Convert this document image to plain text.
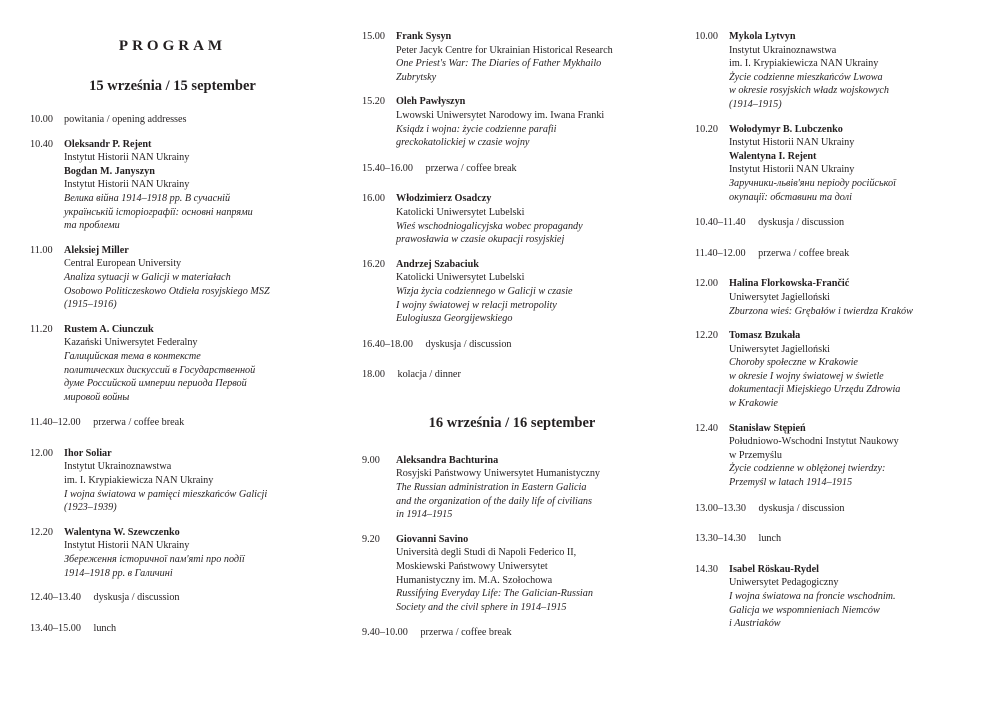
PROGRAM
15 września / 15 september
10.00	powitania / opening addresses
10.40	Oleksandr P. Rejent
Instytut Historii NAN Ukrainy
Bogdan M. Janyszyn
Instytut Historii NAN Ukrainy
Велика війна 1914–1918 рр. В сучасній
українській історіографії: основні напрями
та проблеми
11.00	Aleksiej Miller
Central European University
Analiza sytuacji w Galicji w materiałach
Osobowo Politiczeskowo Otdieła rosyjskiego MSZ
(1915–1916)
11.20	Rustem A. Ciunczuk
Kazański Uniwersytet Federalny
Галицийская тема в контексте
политических дискуссий в Государственной
думе Российской империи периода Первой
мировой войны
11.40–12.00 przerwa / coffee break
12.00	Ihor Soliar
Instytut Ukrainoznawstwa
im. I. Krypiakiewicza NAN Ukrainy
I wojna światowa w pamięci mieszkańców Galicji
(1923–1939)
12.20	Walentyna W. Szewczenko
Instytut Historii NAN Ukrainy
Збереження історичної пам'яті про події
1914–1918 рр. в Галичині
12.40–13.40 dyskusja / discussion
13.40–15.00 lunch
15.00	Frank Sysyn
Peter Jacyk Centre for Ukrainian Historical Research
One Priest's War: The Diaries of Father Mykhailo
Zubrytsky
15.20	Oleh Pawłyszyn
Lwowski Uniwersytet Narodowy im. Iwana Franki
Ksiądz i wojna: życie codzienne parafii
greckokatolickiej w czasie wojny
15.40–16.00 przerwa / coffee break
16.00	Włodzimierz Osadczy
Katolicki Uniwersytet Lubelski
Wieś wschodniogalicyjska wobec propagandy
prawosławia w czasie okupacji rosyjskiej
16.20	Andrzej Szabaciuk
Katolicki Uniwersytet Lubelski
Wizja życia codziennego w Galicji w czasie
I wojny światowej w relacji metropolity
Eulogiusza Georgijewskiego
16.40–18.00 dyskusja / discussion
18.00 kolacja / dinner
16 września / 16 september
9.00	Aleksandra Bachturina
Rosyjski Państwowy Uniwersytet Humanistyczny
The Russian administration in Eastern Galicia
and the organization of the daily life of civilians
in 1914–1915
9.20	Giovanni Savino
Università degli Studi di Napoli Federico II,
Moskiewski Państwowy Uniwersytet
Humanistyczny im. M.A. Szołochowa
Russifying Everyday Life: The Galician-Russian
Society and the civil sphere in 1914–1915
9.40–10.00 przerwa / coffee break
10.00	Mykola Lytvyn
Instytut Ukrainoznawstwa
im. I. Krypiakiewicza NAN Ukrainy
Życie codzienne mieszkańców Lwowa
w okresie rosyjskich władz wojskowych
(1914–1915)
10.20	Wołodymyr B. Lubczenko
Instytut Historii NAN Ukrainy
Walentyna I. Rejent
Instytut Historii NAN Ukrainy
Заручники-львів'яни періоду російської
окупації: обставини та долі
10.40–11.40 dyskusja / discussion
11.40–12.00 przerwa / coffee break
12.00	Halina Florkowska-Frančić
Uniwersytet Jagielloński
Zburzona wieś: Grębałów i twierdza Kraków
12.20	Tomasz Bzukała
Uniwersytet Jagielloński
Choroby społeczne w Krakowie
w okresie I wojny światowej w świetle
dokumentacji Miejskiego Urzędu Zdrowia
w Krakowie
12.40	Stanisław Stępień
Południowo-Wschodni Instytut Naukowy
w Przemyślu
Życie codzienne w oblężonej twierdzy:
Przemyśl w latach 1914–1915
13.00–13.30 dyskusja / discussion
13.30–14.30 lunch
14.30	Isabel Röskau-Rydel
Uniwersytet Pedagogiczny
I wojna światowa na froncie wschodnim.
Galicja we wspomnieniach Niemców
i Austriaków
